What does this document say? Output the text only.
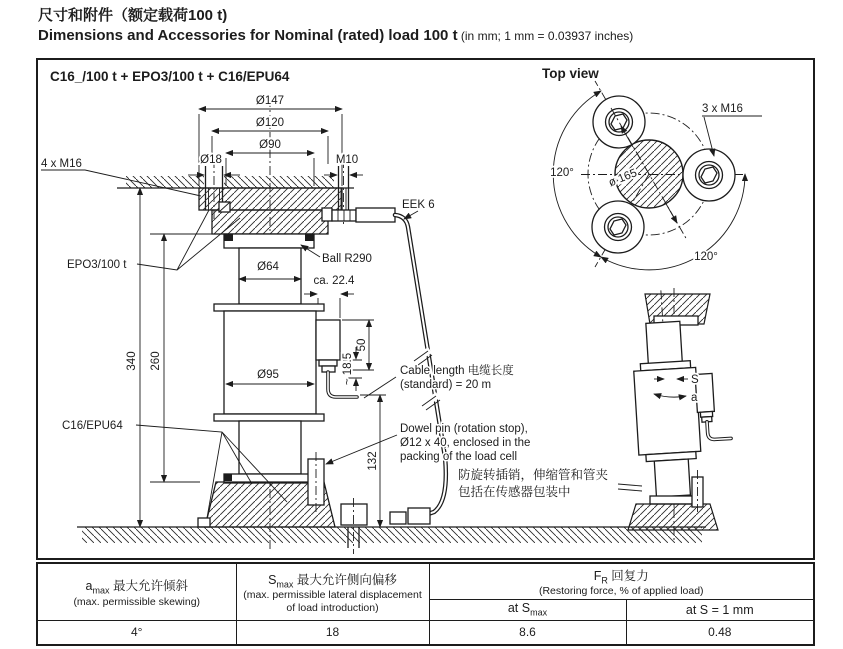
尺寸和附件（额定载荷100 t)
Dimensions and Accessories for Nominal (rated) load 100 t (in mm; 1 mm = 0.03937 inches)
C16_/100 t + EPO3/100 t + C16/EPU64	Top view
Ø147
Ø120
Ø90
Ø18	M10
4 x M16
Ø64
ca. 22.4
Ø95
50
~ 18.5
132
340 260
EEK 6
Ball R290
EPO3/100 t
C16/EPU64
Cable length 电缆长度
(standard) = 20 m
Dowel pin (rotation stop),
Ø12 x 40, enclosed in the
packing of the load cell
防旋转插销，伸缩管和管夹
包括在传感器包装中
ø 165
3 x M16
120°
120°
S
a
$a_{max}$ 最大允许倾斜
(max. permissible skewing)

$S_{max}$ 最大允许侧向偏移
(max. permissible lateral displacement of load introduction)

$F_R$ 回复力
(Restoring force, % of applied load)

		at $S_{max}$	at S = 1 mm
4°	18	8.6	0.48
